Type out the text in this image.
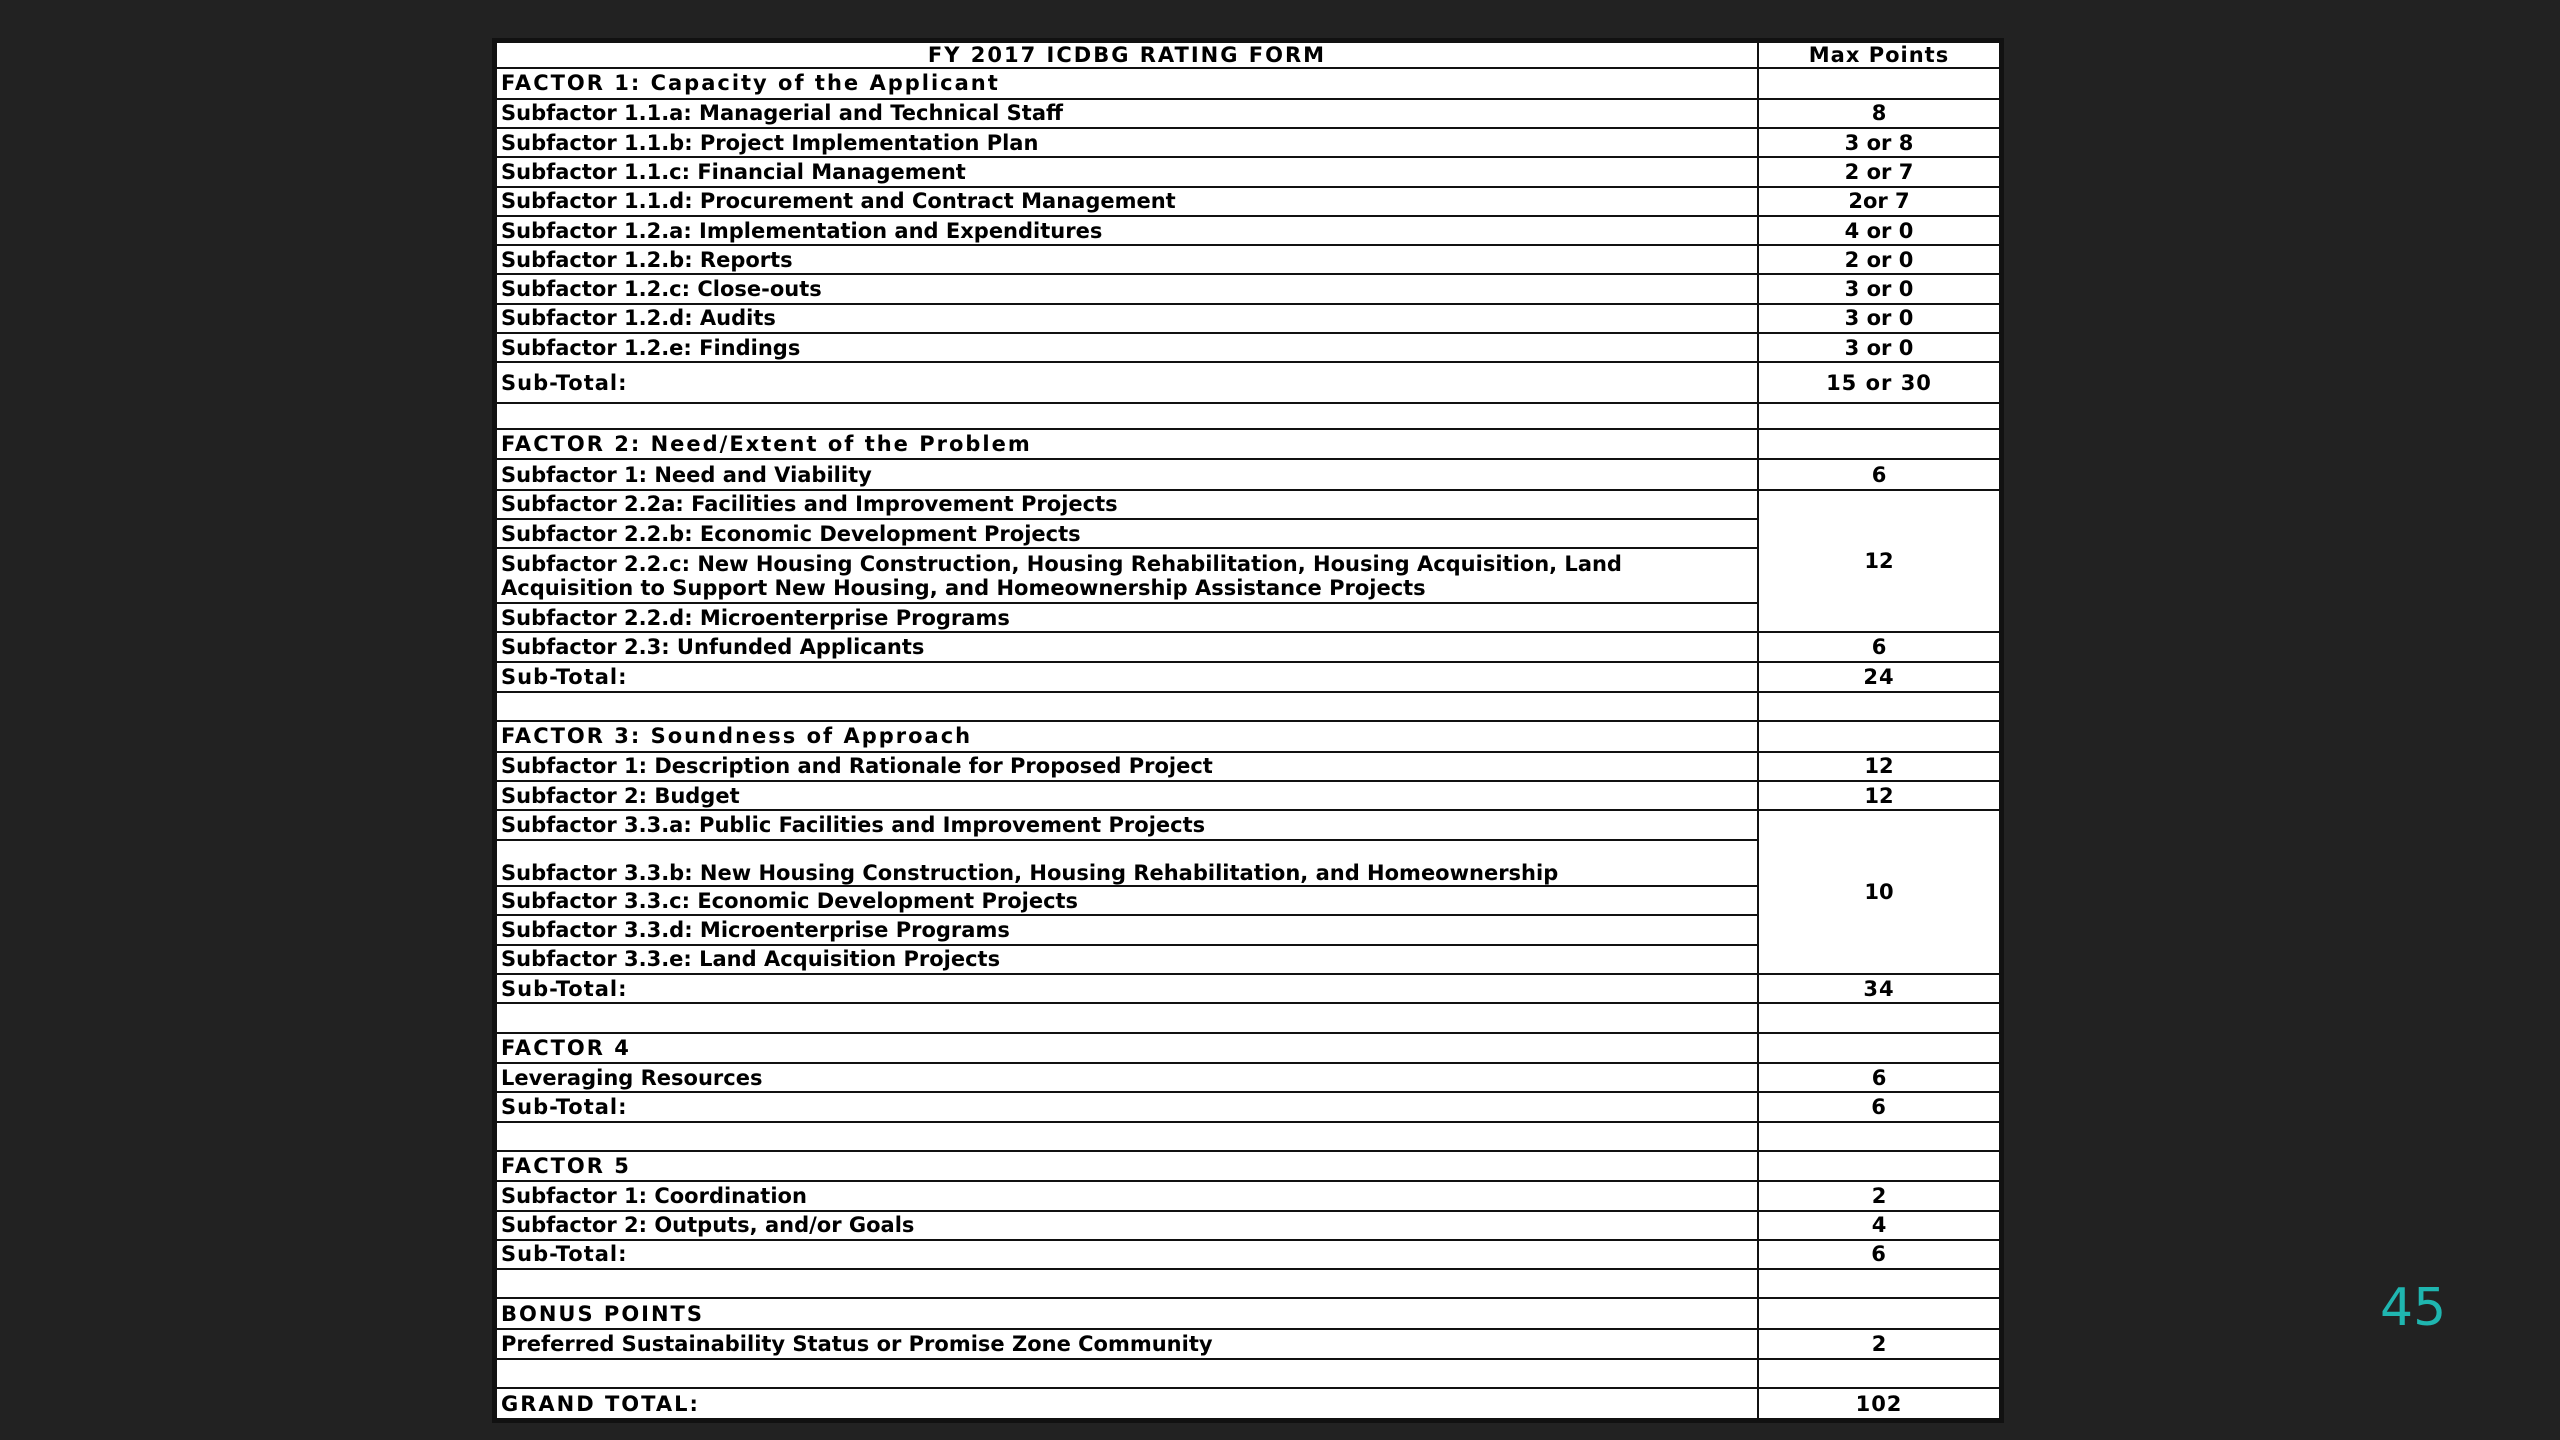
FY 2017 ICDBG RATING FORM	Max Points
FACTOR 1: Capacity of the Applicant	
Subfactor 1.1.a: Managerial and Technical Staff	8
Subfactor 1.1.b: Project Implementation Plan	3 or 8
Subfactor 1.1.c: Financial Management	2 or 7
Subfactor 1.1.d: Procurement and Contract Management	2or 7
Subfactor 1.2.a: Implementation and Expenditures	4 or 0
Subfactor 1.2.b: Reports	2 or 0
Subfactor 1.2.c: Close-outs	3 or 0
Subfactor 1.2.d: Audits	3 or 0
Subfactor 1.2.e: Findings	3 or 0
Sub-Total:	15 or 30

FACTOR 2: Need/Extent of the Problem	
Subfactor 1: Need and Viability	6
Subfactor 2.2a: Facilities and Improvement Projects	12
Subfactor 2.2.b: Economic Development Projects	
Subfactor 2.2.c: New Housing Construction, Housing Rehabilitation, Housing Acquisition, Land Acquisition to Support New Housing, and Homeownership Assistance Projects	
Subfactor 2.2.d: Microenterprise Programs	
Subfactor 2.3: Unfunded Applicants	6
Sub-Total:	24

FACTOR 3: Soundness of Approach	
Subfactor 1: Description and Rationale for Proposed Project	12
Subfactor 2: Budget	12
Subfactor 3.3.a: Public Facilities and Improvement Projects	10
Subfactor 3.3.b: New Housing Construction, Housing Rehabilitation, and Homeownership	
Subfactor 3.3.c: Economic Development Projects	
Subfactor 3.3.d: Microenterprise Programs	
Subfactor 3.3.e: Land Acquisition Projects	
Sub-Total:	34

FACTOR 4	
Leveraging Resources	6
Sub-Total:	6

FACTOR 5	
Subfactor 1: Coordination	2
Subfactor 2: Outputs, and/or Goals	4
Sub-Total:	6

BONUS POINTS	
Preferred Sustainability Status or Promise Zone Community	2

GRAND TOTAL:	102
45
